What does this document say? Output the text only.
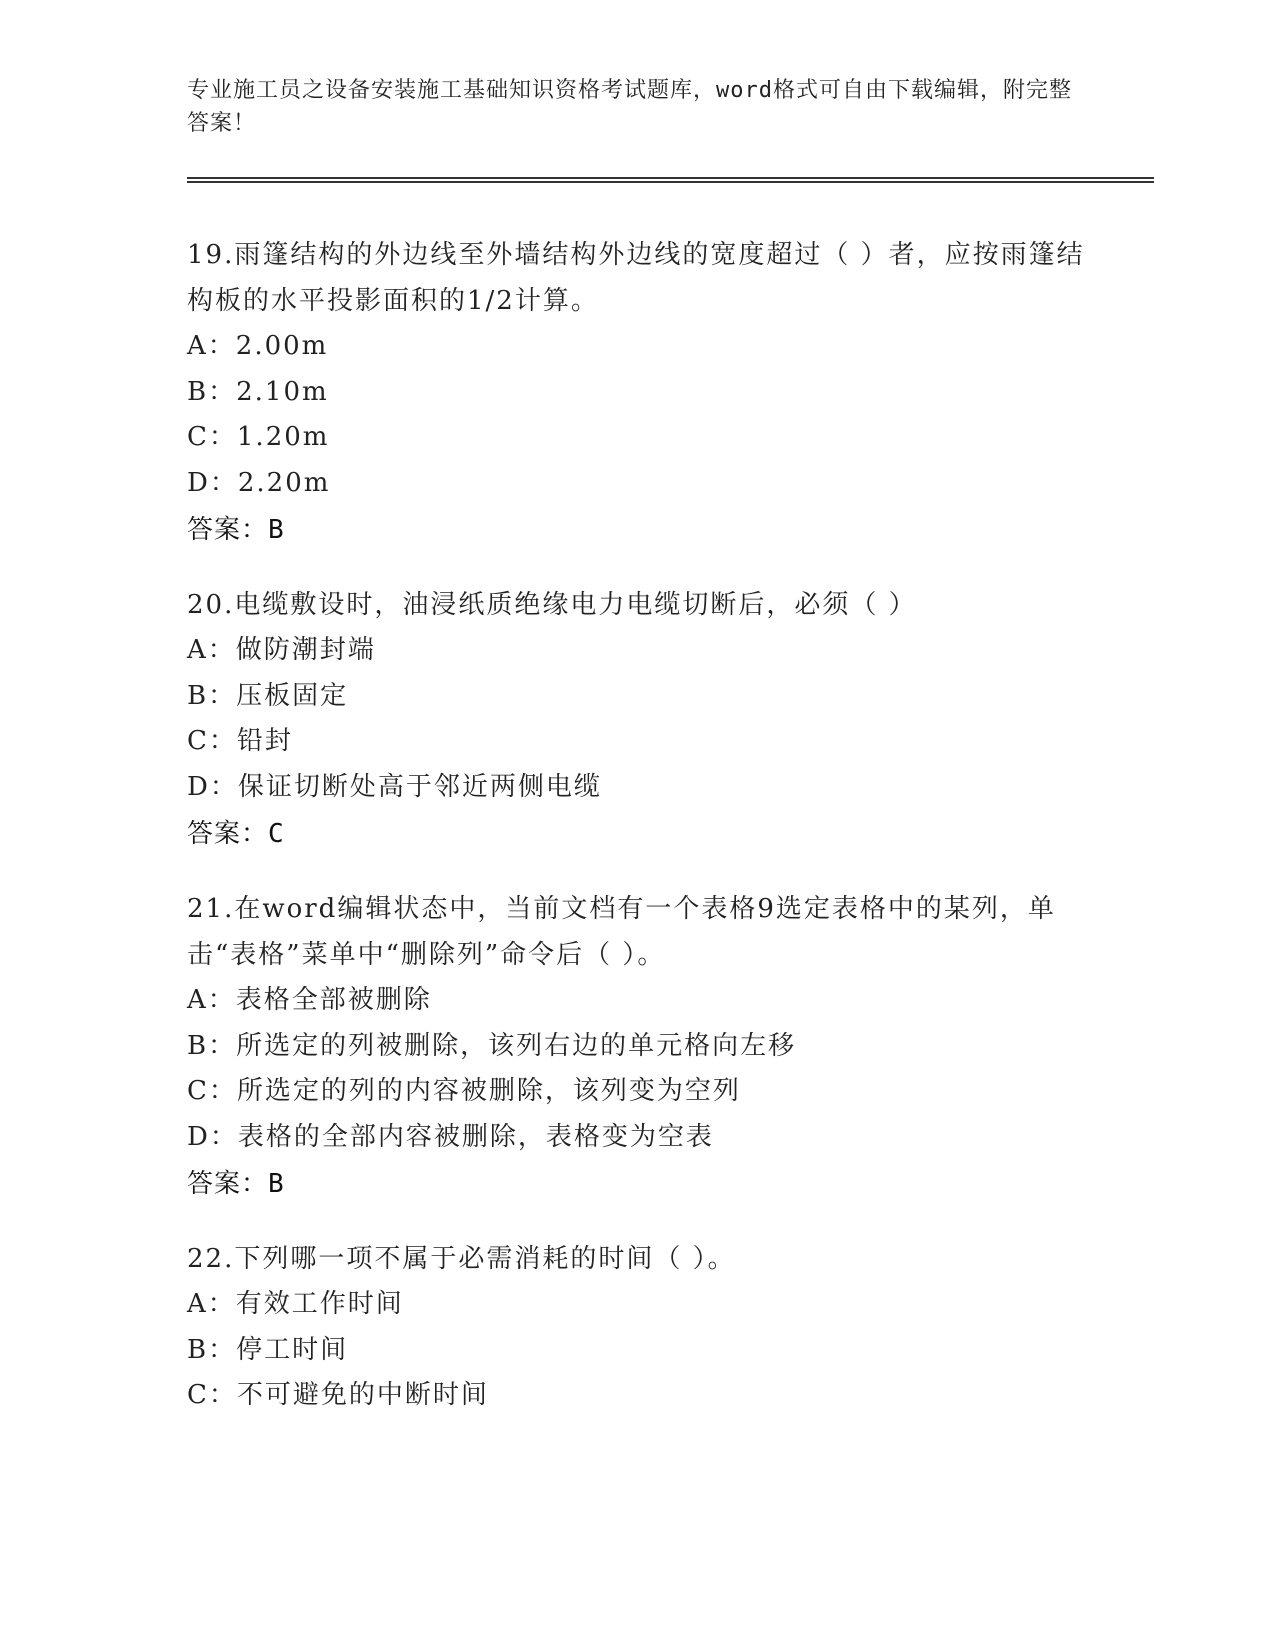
专业施工员之设备安装施工基础知识资格考试题库，word格式可自由下载编辑，附完整答案！

19.雨篷结构的外边线至外墙结构外边线的宽度超过（ ）者，应按雨篷结构板的水平投影面积的1/2计算。

A：2.00m

B：2.10m

C：1.20m

D：2.20m

答案：B

20.电缆敷设时，油浸纸质绝缘电力电缆切断后，必须（ ）

A：做防潮封端

B：压板固定

C：铅封

D：保证切断处高于邻近两侧电缆

答案：C

21.在word编辑状态中，当前文档有一个表格9选定表格中的某列，单击“表格”菜单中“删除列”命令后（ ）。

A：表格全部被删除

B：所选定的列被删除，该列右边的单元格向左移

C：所选定的列的内容被删除，该列变为空列

D：表格的全部内容被删除，表格变为空表

答案：B

22.下列哪一项不属于必需消耗的时间（ ）。

A：有效工作时间

B：停工时间

C：不可避免的中断时间
